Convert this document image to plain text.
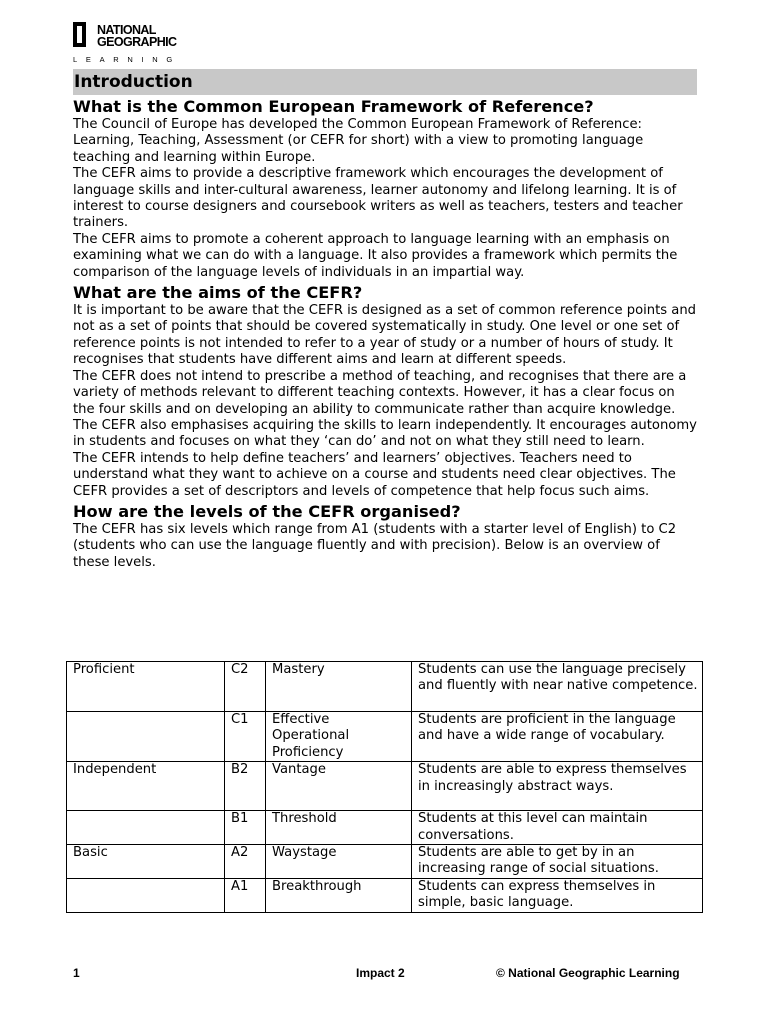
NATIONAL
GEOGRAPHIC
LEARNING
Introduction
What is the Common European Framework of Reference?

The Council of Europe has developed the Common European Framework of Reference: Learning, Teaching, Assessment (or CEFR for short) with a view to promoting language teaching and learning within Europe.

The CEFR aims to provide a descriptive framework which encourages the development of language skills and inter-cultural awareness, learner autonomy and lifelong learning. It is of interest to course designers and coursebook writers as well as teachers, testers and teacher trainers.

The CEFR aims to promote a coherent approach to language learning with an emphasis on examining what we can do with a language. It also provides a framework which permits the comparison of the language levels of individuals in an impartial way.

What are the aims of the CEFR?

It is important to be aware that the CEFR is designed as a set of common reference points and not as a set of points that should be covered systematically in study. One level or one set of reference points is not intended to refer to a year of study or a number of hours of study. It recognises that students have different aims and learn at different speeds.

The CEFR does not intend to prescribe a method of teaching, and recognises that there are a variety of methods relevant to different teaching contexts. However, it has a clear focus on the four skills and on developing an ability to communicate rather than acquire knowledge.

The CEFR also emphasises acquiring the skills to learn independently. It encourages autonomy in students and focuses on what they ‘can do’ and not on what they still need to learn.

The CEFR intends to help define teachers’ and learners’ objectives. Teachers need to understand what they want to achieve on a course and students need clear objectives. The CEFR provides a set of descriptors and levels of competence that help focus such aims.

How are the levels of the CEFR organised?

The CEFR has six levels which range from A1 (students with a starter level of English) to C2 (students who can use the language fluently and with precision). Below is an overview of these levels.

Proficient	C2	Mastery	Students can use the language precisely and fluently with near native competence.
	C1	Effective Operational Proficiency	Students are proficient in the language and have a wide range of vocabulary.
Independent	B2	Vantage	Students are able to express themselves in increasingly abstract ways.
	B1	Threshold	Students at this level can maintain conversations.
Basic	A2	Waystage	Students are able to get by in an increasing range of social situations.
	A1	Breakthrough	Students can express themselves in simple, basic language.
1	Impact 2	© National Geographic Learning
